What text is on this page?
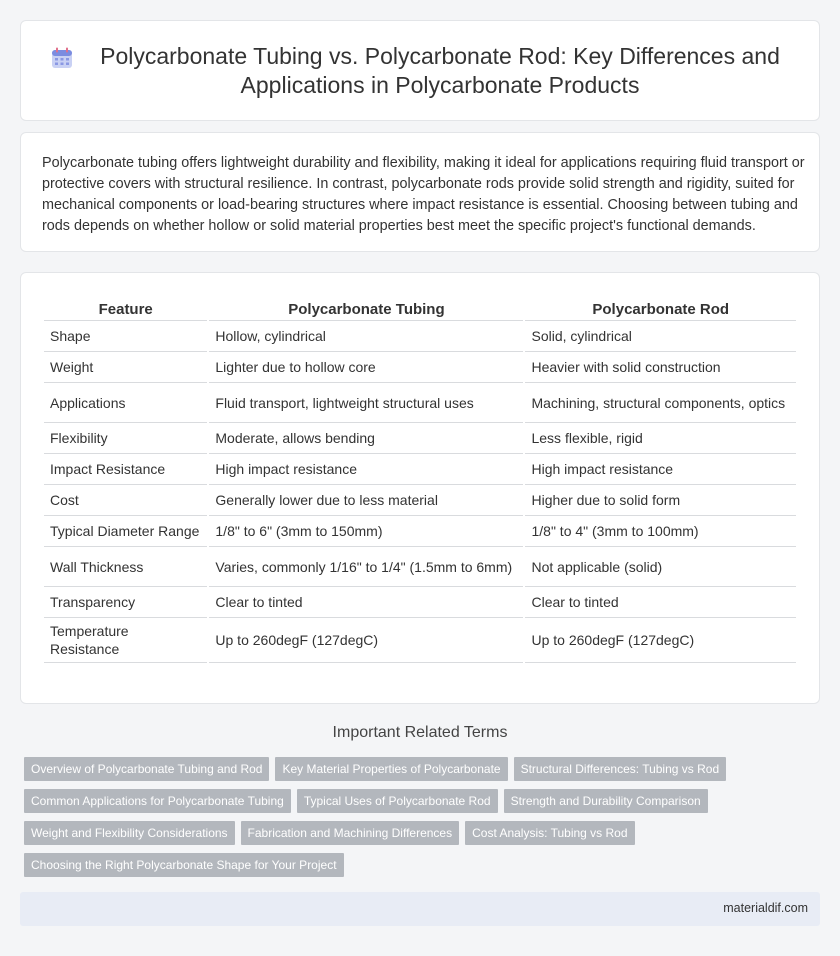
Polycarbonate Tubing vs. Polycarbonate Rod: Key Differences and Applications in Polycarbonate Products

Polycarbonate tubing offers lightweight durability and flexibility, making it ideal for applications requiring fluid transport or protective covers with structural resilience. In contrast, polycarbonate rods provide solid strength and rigidity, suited for mechanical components or load-bearing structures where impact resistance is essential. Choosing between tubing and rods depends on whether hollow or solid material properties best meet the specific project's functional demands.

Feature	Polycarbonate Tubing	Polycarbonate Rod
Shape	Hollow, cylindrical	Solid, cylindrical
Weight	Lighter due to hollow core	Heavier with solid construction
Applications	Fluid transport, lightweight structural uses	Machining, structural components, optics
Flexibility	Moderate, allows bending	Less flexible, rigid
Impact Resistance	High impact resistance	High impact resistance
Cost	Generally lower due to less material	Higher due to solid form
Typical Diameter Range	1/8" to 6" (3mm to 150mm)	1/8" to 4" (3mm to 100mm)
Wall Thickness	Varies, commonly 1/16" to 1/4" (1.5mm to 6mm)	Not applicable (solid)
Transparency	Clear to tinted	Clear to tinted
Temperature Resistance	Up to 260degF (127degC)	Up to 260degF (127degC)
Important Related Terms
Overview of Polycarbonate Tubing and Rod	Key Material Properties of Polycarbonate	Structural Differences: Tubing vs Rod
Common Applications for Polycarbonate Tubing	Typical Uses of Polycarbonate Rod	Strength and Durability Comparison
Weight and Flexibility Considerations	Fabrication and Machining Differences	Cost Analysis: Tubing vs Rod
Choosing the Right Polycarbonate Shape for Your Project
materialdif.com
